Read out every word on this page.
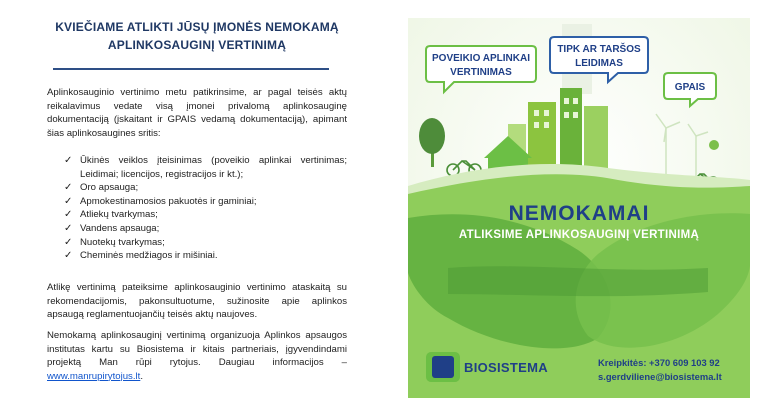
KVIEČIAME ATLIKTI JŪSŲ ĮMONĖS NEMOKAMĄ
APLINKOSAUGINĮ VERTINIMĄ
Aplinkosauginio vertinimo metu patikrinsime, ar pagal teisės aktų reikalavimus vedate visą įmonei privalomą aplinkosauginę dokumentaciją (įskaitant ir GPAIS vedamą dokumentaciją), apimant šias aplinkosaugines sritis:
✓ Ūkinės veiklos įteisinimas (poveikio aplinkai vertinimas; Leidimai; licencijos, registracijos ir kt.);
✓ Oro apsauga;
✓ Apmokestinamosios pakuotės ir gaminiai;
✓ Atliekų tvarkymas;
✓ Vandens apsauga;
✓ Nuotekų tvarkymas;
✓ Cheminės medžiagos ir mišiniai.
Atlikę vertinimą pateiksime aplinkosauginio vertinimo ataskaitą su rekomendacijomis, pakonsultuotume, sužinosite apie aplinkos apsaugą reglamentuojančių teisės aktų naujoves.
Nemokamą aplinkosauginį vertinimą organizuoja Aplinkos apsaugos institutas kartu su Biosistema ir kitais partneriais, įgyvendindami projektą Man rūpi rytojus. Daugiau informacijos – www.manrupirytojus.lt.
POVEIKIO APLINKAI
VERTINIMAS
TIPK AR TARŠOS
LEIDIMAS
GPAIS
NEMOKAMAI
ATLIKSIME APLINKOSAUGINĮ VERTINIMĄ
BIOSISTEMA	Kreipkitės: +370 609 103 92
s.gerdviliene@biosistema.lt
